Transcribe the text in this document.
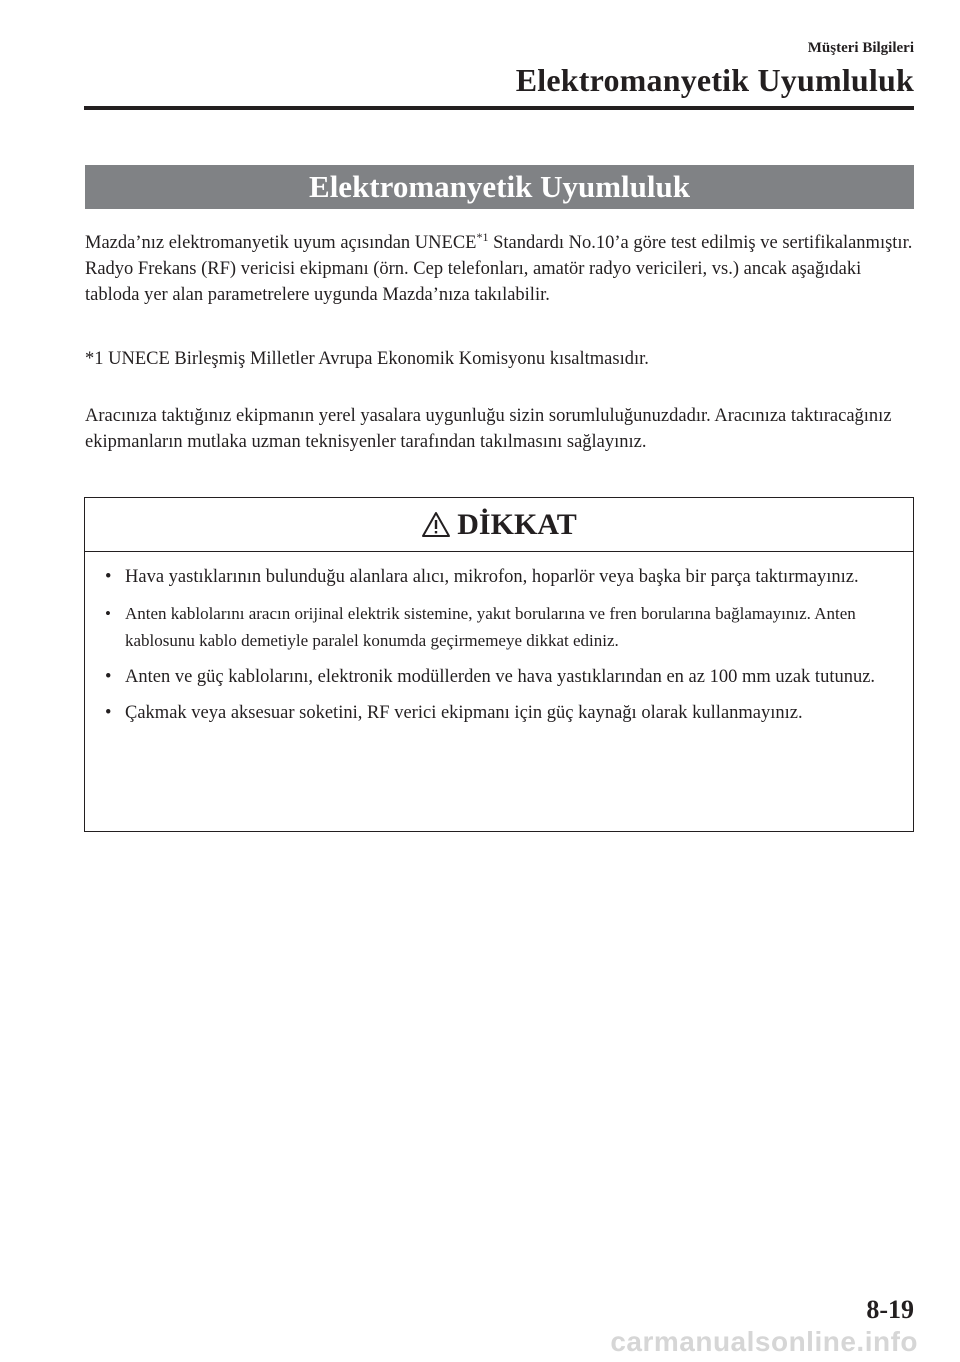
Müşteri Bilgileri
Elektromanyetik Uyumluluk
Elektromanyetik Uyumluluk

Mazda’nız elektromanyetik uyum açısından UNECE$^{*1}$ Standardı No.10’a göre test edilmiş ve sertifikalanmıştır. Radyo Frekans (RF) vericisi ekipmanı (örn. Cep telefonları, amatör radyo vericileri, vs.) ancak aşağıdaki tabloda yer alan parametrelere uygunda Mazda’nıza takılabilir.

*1 UNECE Birleşmiş Milletler Avrupa Ekonomik Komisyonu kısaltmasıdır.

Aracınıza taktığınız ekipmanın yerel yasalara uygunluğu sizin sorumluluğunuzdadır. Aracınıza taktıracağınız ekipmanların mutlaka uzman teknisyenler tarafından takılmasını sağlayınız.

DİKKAT
• Hava yastıklarının bulunduğu alanlara alıcı, mikrofon, hoparlör veya başka bir parça taktırmayınız.
• Anten kablolarını aracın orijinal elektrik sistemine, yakıt borularına ve fren borularına bağlamayınız. Anten kablosunu kablo demetiyle paralel konumda geçirmemeye dikkat ediniz.
• Anten ve güç kablolarını, elektronik modüllerden ve hava yastıklarından en az 100 mm uzak tutunuz.
• Çakmak veya aksesuar soketini, RF verici ekipmanı için güç kaynağı olarak kullanmayınız.
8-19
carmanualsonline.info
